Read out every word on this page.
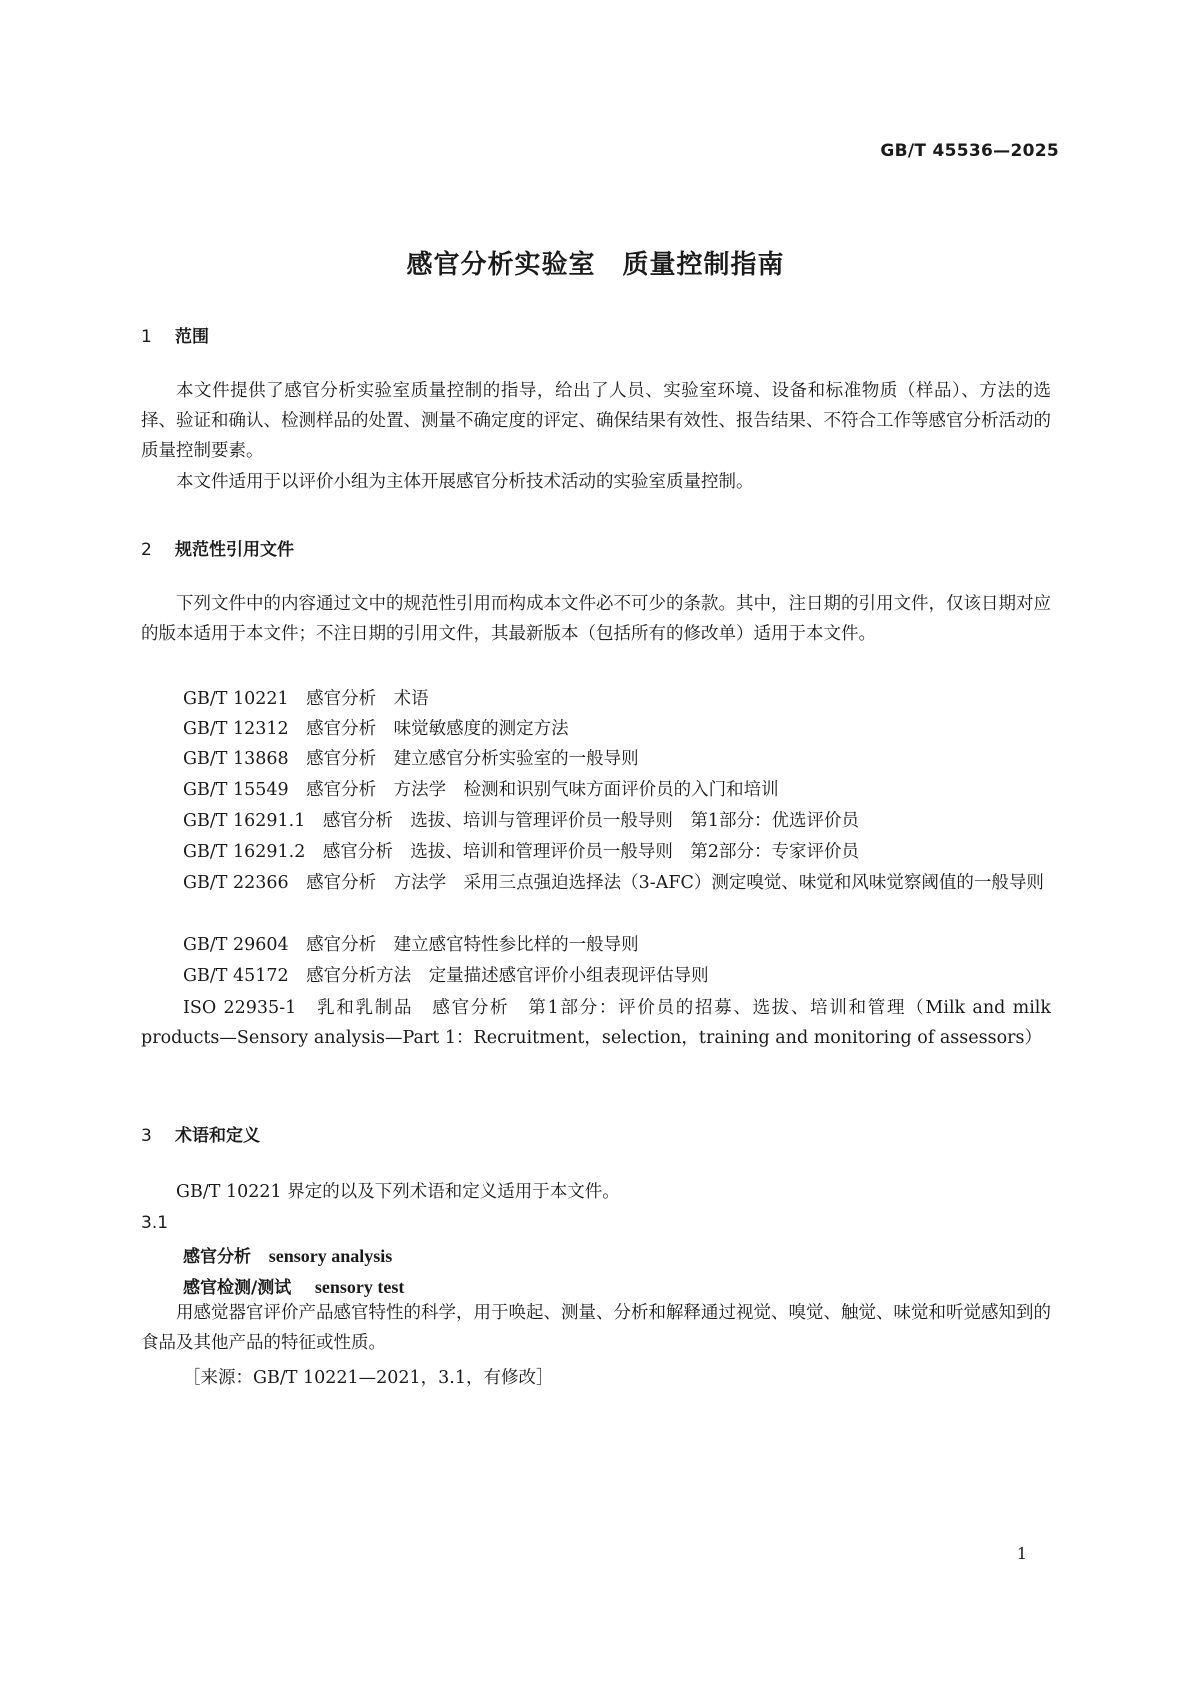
GB/T 45536—2025
感官分析实验室　质量控制指南
1 范围

本文件提供了感官分析实验室质量控制的指导，给出了人员、实验室环境、设备和标准物质（样品）、方法的选择、验证和确认、检测样品的处置、测量不确定度的评定、确保结果有效性、报告结果、不符合工作等感官分析活动的质量控制要素。

本文件适用于以评价小组为主体开展感官分析技术活动的实验室质量控制。

2 规范性引用文件

下列文件中的内容通过文中的规范性引用而构成本文件必不可少的条款。其中，注日期的引用文件，仅该日期对应的版本适用于本文件；不注日期的引用文件，其最新版本（包括所有的修改单）适用于本文件。

GB/T 10221　感官分析　术语
GB/T 12312　感官分析　味觉敏感度的测定方法
GB/T 13868　感官分析　建立感官分析实验室的一般导则
GB/T 15549　感官分析　方法学　检测和识别气味方面评价员的入门和培训
GB/T 16291.1　感官分析　选拔、培训与管理评价员一般导则　第1部分：优选评价员
GB/T 16291.2　感官分析　选拔、培训和管理评价员一般导则　第2部分：专家评价员

GB/T 22366　感官分析　方法学　采用三点强迫选择法（3-AFC）测定嗅觉、味觉和风味觉察阈值的一般导则

GB/T 29604　感官分析　建立感官特性参比样的一般导则
GB/T 45172　感官分析方法　定量描述感官评价小组表现评估导则

ISO 22935-1　乳和乳制品　感官分析　第1部分：评价员的招募、选拔、培训和管理（Milk and milk products—Sensory analysis—Part 1：Recruitment，selection，training and monitoring of assessors）

3 术语和定义

GB/T 10221 界定的以及下列术语和定义适用于本文件。

3.1
感官分析 sensory analysis
感官检测/测试 sensory test

用感觉器官评价产品感官特性的科学，用于唤起、测量、分析和解释通过视觉、嗅觉、触觉、味觉和听觉感知到的食品及其他产品的特征或性质。

［来源：GB/T 10221—2021，3.1，有修改］
1
